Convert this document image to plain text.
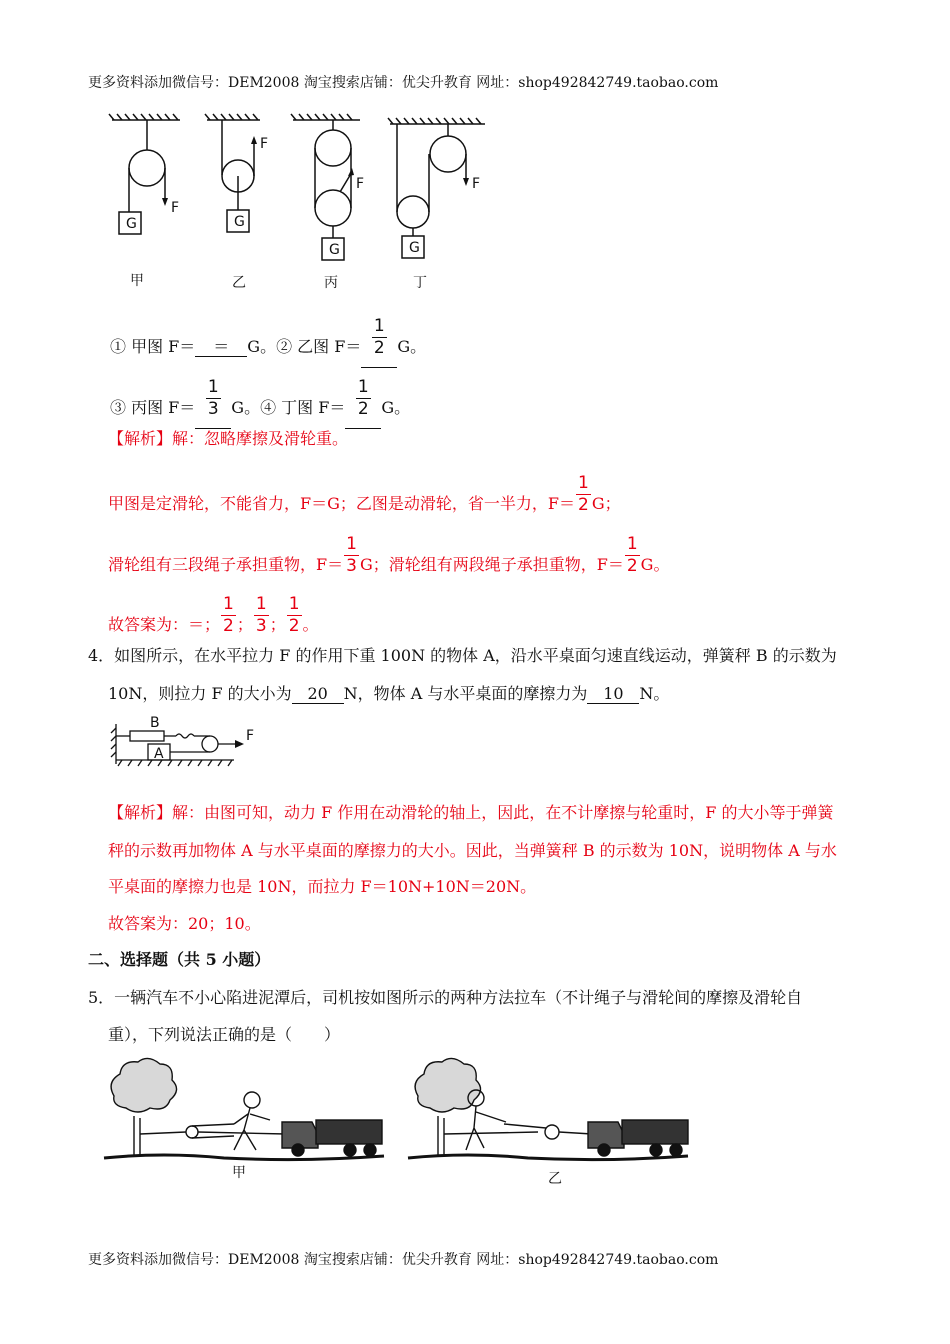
更多资料添加微信号：DEM2008 淘宝搜索店铺：优尖升教育 网址：shop492842749.taobao.com
G	G
G	G
F
F
F	F
甲	乙	丙	丁
① 甲图 F＝ ＝ G。② 乙图 $F= \frac{1}{2}$ G。
③ 丙图 $F= \frac{1}{3}$ G。④ 丁图 $F= \frac{1}{2}$ G。
【解析】解：忽略摩擦及滑轮重。
甲图是定滑轮，不能省力，F＝G；乙图是动滑轮，省一半力，$F= \frac{1}{2}$ G；
滑轮组有三段绳子承担重物，$F= \frac{1}{3}$ G；滑轮组有两段绳子承担重物，$F= \frac{1}{2}$ G。
故答案为：＝； $\frac{1}{2}$ ； $\frac{1}{3}$ ； $\frac{1}{2}$ 。
4．如图所示，在水平拉力 F 的作用下重 100N 的物体 A，沿水平桌面匀速直线运动，弹簧秤 B 的示数为
10N，则拉力 F 的大小为 20 N，物体 A 与水平桌面的摩擦力为 10 N。
B
A
F
【解析】解：由图可知，动力 F 作用在动滑轮的轴上，因此，在不计摩擦与轮重时，F 的大小等于弹簧
秤的示数再加物体 A 与水平桌面的摩擦力的大小。因此，当弹簧秤 B 的示数为 10N，说明物体 A 与水
平桌面的摩擦力也是 10N，而拉力 F＝10N+10N＝20N。
故答案为：20；10。
二、选择题（共 5 小题）
5．一辆汽车不小心陷进泥潭后，司机按如图所示的两种方法拉车（不计绳子与滑轮间的摩擦及滑轮自
重），下列说法正确的是（　　）
甲	乙
更多资料添加微信号：DEM2008 淘宝搜索店铺：优尖升教育 网址：shop492842749.taobao.com
